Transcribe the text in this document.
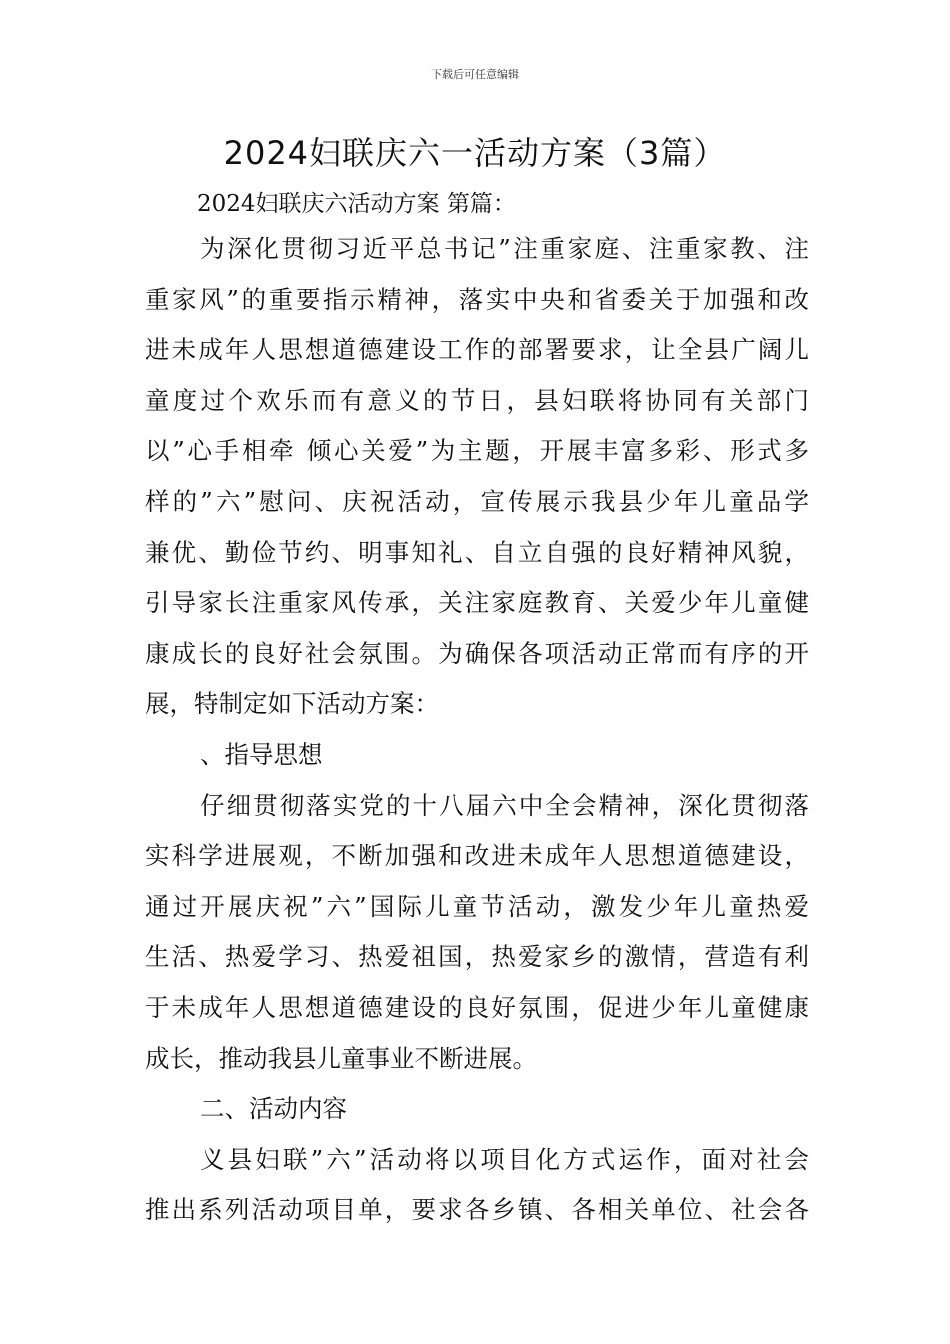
下载后可任意编辑
2024妇联庆六一活动方案（3篇）
2024妇联庆六活动方案 第篇：
为深化贯彻习近平总书记”注重家庭、注重家教、注
重家风”的重要指示精神，落实中央和省委关于加强和改
进未成年人思想道德建设工作的部署要求，让全县广阔儿
童度过个欢乐而有意义的节日，县妇联将协同有关部门
以”心手相牵 倾心关爱”为主题，开展丰富多彩、形式多
样的”六”慰问、庆祝活动，宣传展示我县少年儿童品学
兼优、勤俭节约、明事知礼、自立自强的良好精神风貌，
引导家长注重家风传承，关注家庭教育、关爱少年儿童健
康成长的良好社会氛围。为确保各项活动正常而有序的开
展，特制定如下活动方案：
、指导思想
仔细贯彻落实党的十八届六中全会精神，深化贯彻落
实科学进展观，不断加强和改进未成年人思想道德建设，
通过开展庆祝”六”国际儿童节活动，激发少年儿童热爱
生活、热爱学习、热爱祖国，热爱家乡的激情，营造有利
于未成年人思想道德建设的良好氛围，促进少年儿童健康
成长，推动我县儿童事业不断进展。
二、活动内容
义县妇联”六”活动将以项目化方式运作，面对社会
推出系列活动项目单，要求各乡镇、各相关单位、社会各
